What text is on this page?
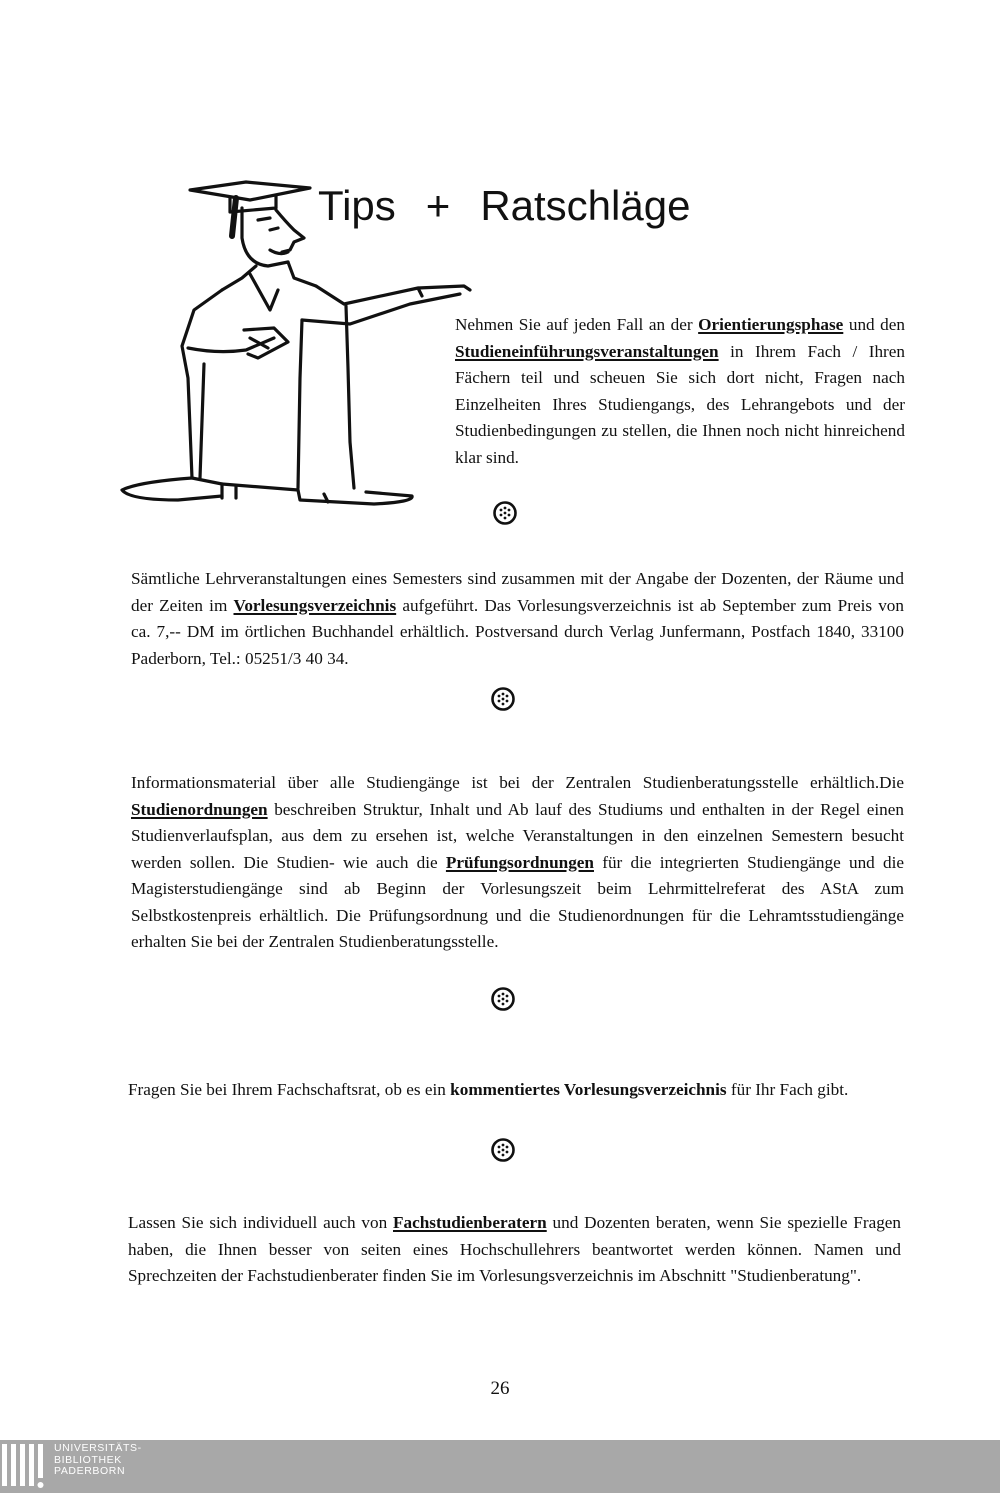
Tips + Ratschläge

Nehmen Sie auf jeden Fall an der Orientierungsphase und den Studieneinführungsveranstaltungen in Ihrem Fach / Ihren Fächern teil und scheuen Sie sich dort nicht, Fragen nach Einzelheiten Ihres Studiengangs, des Lehrangebots und der Studienbedingungen zu stellen, die Ihnen noch nicht hinreichend klar sind.

Sämtliche Lehrveranstaltungen eines Semesters sind zusammen mit der Angabe der Dozenten, der Räume und der Zeiten im Vorlesungsverzeichnis aufgeführt. Das Vorlesungsverzeichnis ist ab September zum Preis von ca. 7,-- DM im örtlichen Buchhandel erhältlich. Postversand durch Verlag Junfermann, Postfach 1840, 33100 Paderborn, Tel.: 05251/3 40 34.

Informationsmaterial über alle Studiengänge ist bei der Zentralen Studienberatungsstelle erhältlich.Die Studienordnungen beschreiben Struktur, Inhalt und Ab lauf des Studiums und enthalten in der Regel einen Studienverlaufsplan, aus dem zu ersehen ist, welche Veranstaltungen in den einzelnen Semestern besucht werden sollen. Die Studien- wie auch die Prüfungsordnungen für die integrierten Studiengänge und die Magisterstudiengänge sind ab Beginn der Vorlesungszeit beim Lehrmittelreferat des AStA zum Selbstkostenpreis erhältlich. Die Prüfungsordnung und die Studienordnungen für die Lehramtsstudiengänge erhalten Sie bei der Zentralen Studienberatungsstelle.

Fragen Sie bei Ihrem Fachschaftsrat, ob es ein kommentiertes Vorlesungsverzeichnis für Ihr Fach gibt.

Lassen Sie sich individuell auch von Fachstudienberatern und Dozenten beraten, wenn Sie spezielle Fragen haben, die Ihnen besser von seiten eines Hochschullehrers beantwortet werden können. Namen und Sprechzeiten der Fachstudienberater finden Sie im Vorlesungsverzeichnis im Abschnitt "Studienberatung".

26
UNIVERSITÄTS-
BIBLIOTHEK
PADERBORN
